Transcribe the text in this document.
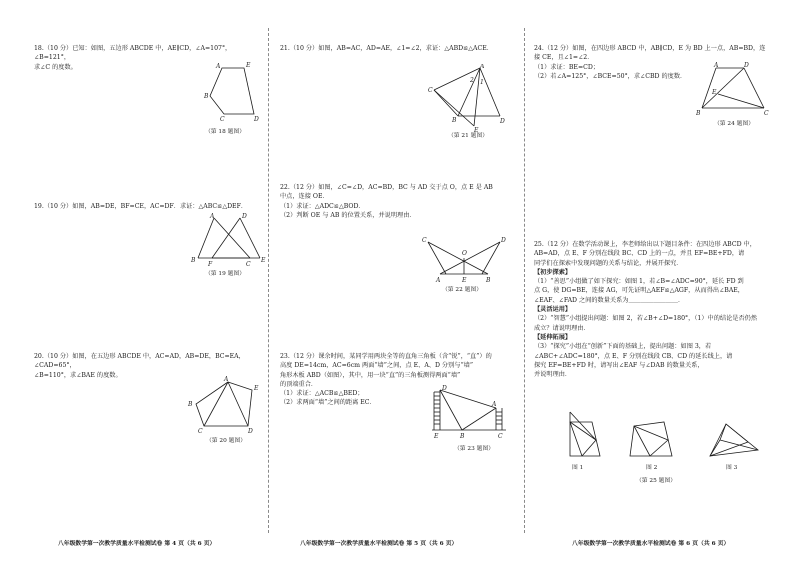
18.（10 分）已知：如图，五边形 ABCDE 中，AE∥CD，∠A=107°，∠B=121°，

求∠C 的度数。	A	E
B
C	D
（第 18 题图）

19.（10 分）如图，AB=DE，BF=CE，AC=DF．求证：△ABC≌△DEF．

A	D
B
F	C
E
（第 19 题图）

20.（10 分）如图，在五边形 ABCDE 中，AC=AD，AB=DE，BC=EA，∠CAD=65°，

∠B=110°，求∠BAE 的度数。

A
E
B
C	D
（第 20 题图）
八年级数学第一次教学质量水平检测试卷 第 4 页（共 6 页）

21.（10 分）如图，AB=AC，AD=AE，∠1=∠2，求证：△ABD≌△ACE．

A
2 1
C
B	D
E
（第 21 题图）

22.（12 分）如图，∠C=∠D，AC=BD，BC 与 AD 交于点 O，点 E 是 AB

中点，连接 OE．

（1）求证：△ADC≌△BOD．

（2）判断 OE 与 AB 的位置关系，并说明理由．

C	D
O
A	E	B
（第 22 题图）

23.（12 分）课余时间，某同学用两块全等的直角三角板（含“锐”，“直”）的

高度 DE=14cm，AC=6cm 两面“墙”之间，点 E、A、D 分别与“墙”

角形木板 ABD（如图），其中，用一块“直”的三角板测得两面“墙”

的顶端重合．

（1）求证：△ACB≌△BED；

（2）求两面“墙”之间的距离 EC．

D
A
B
E	C
（第 23 题图）
八年级数学第一次教学质量水平检测试卷 第 5 页（共 6 页）

24.（12 分）如图，在四边形 ABCD 中，AB∥CD，E 为 BD 上一点，AB=BD，连

接 CE，且∠1=∠2．

（1）求证：BE=CD；

（2）若∠A=125°，∠BCE=50°，求∠CBD 的度数．

A	D
B
E
C
（第 24 题图）

25.（12 分）在数学活动课上，李老师给出以下题目条件：在四边形 ABCD 中，

AB=AD，点 E、F 分别在线段 BC、CD 上的一点，并且 EF=BE+FD，请

同学们在探索中发现问题的关系与结论，并展开探究．

【初步探索】

（1）“善思”小组做了如下探究：如图 1，若∠B=∠ADC=90°，延长 FD 到

点 G，使 DG=BE，连接 AG，可先证明△AEF≌△AGF，从而得出∠BAE，

∠EAF、∠FAD 之间的数量关系为＿＿＿＿＿＿＿＿．

【灵活运用】

（2）“智慧”小组提出问题：如图 2，若∠B+∠D=180°，（1）中的结论是否仍然

成立？请说明理由．

【延伸拓展】

（3）“探究”小组在“创新”下面的基础上，提出问题：如图 3，若

∠ABC+∠ADC=180°，点 E、F 分别在线段 CB、CD 的延长线上，请

探究 EF=BE+FD 时，请写出∠EAF 与∠DAB 的数量关系，

并说明理由．

图 1	图 2	图 3
（第 25 题图）
八年级数学第一次教学质量水平检测试卷 第 6 页（共 6 页）
